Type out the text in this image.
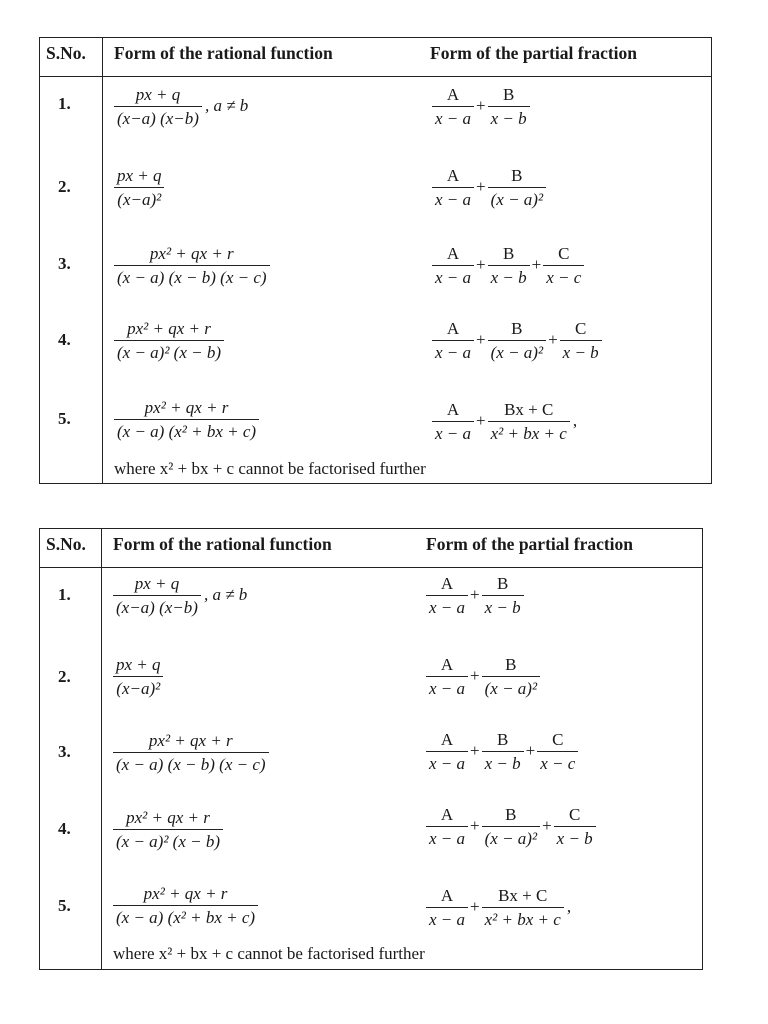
S.No. Form of the rational function	Form of the partial fraction
1.	$\frac{px + q}{(x-a) (x-b)}$ , a ≠ b	$\frac{A}{x - a} + \frac{B}{x - b}$
2.	$\frac{px + q}{\text{(x−a)²}}$	$\frac{A}{x - a} + \frac{B}{\text{(x − a)²}}$
3.	$\frac{\text{px² + qx + r}}{(x - a) (x - b) (x - c)}$	$\frac{A}{x - a} + \frac{B}{x - b} + \frac{C}{x - c}$
4.	$\frac{\text{px² + qx + r}}{\text{(x − a)² (x − b)}}$	$\frac{A}{x - a} + \frac{B}{\text{(x − a)²}} + \frac{C}{x - b}$
5.	$\frac{\text{px² + qx + r}}{\text{(x − a) (x² + bx + c)}}$	$\frac{A}{x - a} + \frac{Bx + C}{\text{x² + bx + c}}$ ,
where x² + bx + c cannot be factorised further
S.No. Form of the rational function	Form of the partial fraction
1. $\frac{px + q}{(x-a) (x-b)}$ , a ≠ b	$\frac{A}{x - a} + \frac{B}{x - b}$
2. $\frac{px + q}{\text{(x−a)²}}$	$\frac{A}{x - a} + \frac{B}{\text{(x − a)²}}$
3. $\frac{\text{px² + qx + r}}{(x - a) (x - b) (x - c)}$	$\frac{A}{x - a} + \frac{B}{x - b} + \frac{C}{x - c}$
4. $\frac{\text{px² + qx + r}}{\text{(x − a)² (x − b)}}$	$\frac{A}{x - a} + \frac{B}{\text{(x − a)²}} + \frac{C}{x - b}$
5. $\frac{\text{px² + qx + r}}{\text{(x − a) (x² + bx + c)}}$	$\frac{A}{x - a} + \frac{Bx + C}{\text{x² + bx + c}}$ ,
where x² + bx + c cannot be factorised further
